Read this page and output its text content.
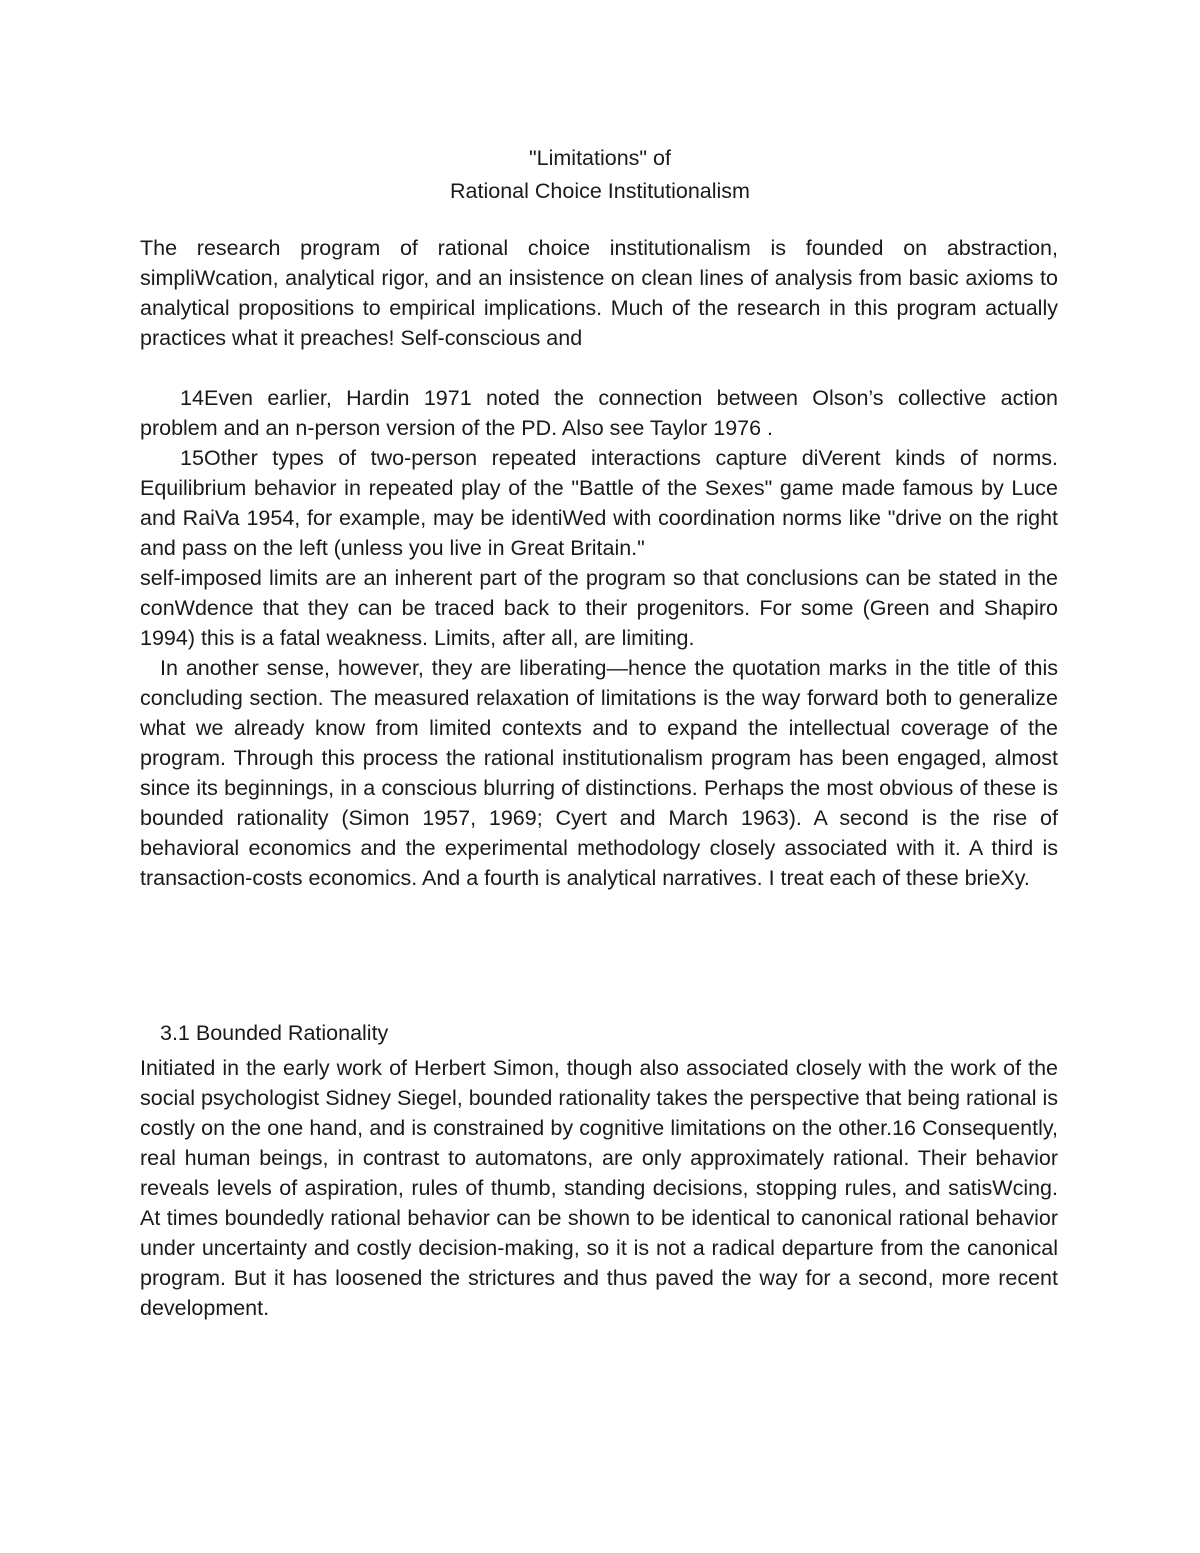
"Limitations" of
Rational Choice Institutionalism

The research program of rational choice institutionalism is founded on abstraction, simpliWcation, analytical rigor, and an insistence on clean lines of analysis from basic axioms to analytical propositions to empirical implications. Much of the research in this program actually practices what it preaches! Self-conscious and

14Even earlier, Hardin 1971 noted the connection between Olson’s collective action problem and an n-person version of the PD. Also see Taylor 1976 .

15Other types of two-person repeated interactions capture diVerent kinds of norms. Equilibrium behavior in repeated play of the "Battle of the Sexes" game made famous by Luce and RaiVa 1954, for example, may be identiWed with coordination norms like "drive on the right and pass on the left (unless you live in Great Britain."

self-imposed limits are an inherent part of the program so that conclusions can be stated in the conWdence that they can be traced back to their progenitors. For some (Green and Shapiro 1994) this is a fatal weakness. Limits, after all, are limiting.

In another sense, however, they are liberating—hence the quotation marks in the title of this concluding section. The measured relaxation of limitations is the way forward both to generalize what we already know from limited contexts and to expand the intellectual coverage of the program. Through this process the rational institutionalism program has been engaged, almost since its beginnings, in a conscious blurring of distinctions. Perhaps the most obvious of these is bounded rationality (Simon 1957, 1969; Cyert and March 1963). A second is the rise of behavioral economics and the experimental methodology closely associated with it. A third is transaction-costs economics. And a fourth is analytical narratives. I treat each of these brieXy.

3.1 Bounded Rationality

Initiated in the early work of Herbert Simon, though also associated closely with the work of the social psychologist Sidney Siegel, bounded rationality takes the perspective that being rational is costly on the one hand, and is constrained by cognitive limitations on the other.16 Consequently, real human beings, in contrast to automatons, are only approximately rational. Their behavior reveals levels of aspiration, rules of thumb, standing decisions, stopping rules, and satisWcing. At times boundedly rational behavior can be shown to be identical to canonical rational behavior under uncertainty and costly decision-making, so it is not a radical departure from the canonical program. But it has loosened the strictures and thus paved the way for a second, more recent development.
